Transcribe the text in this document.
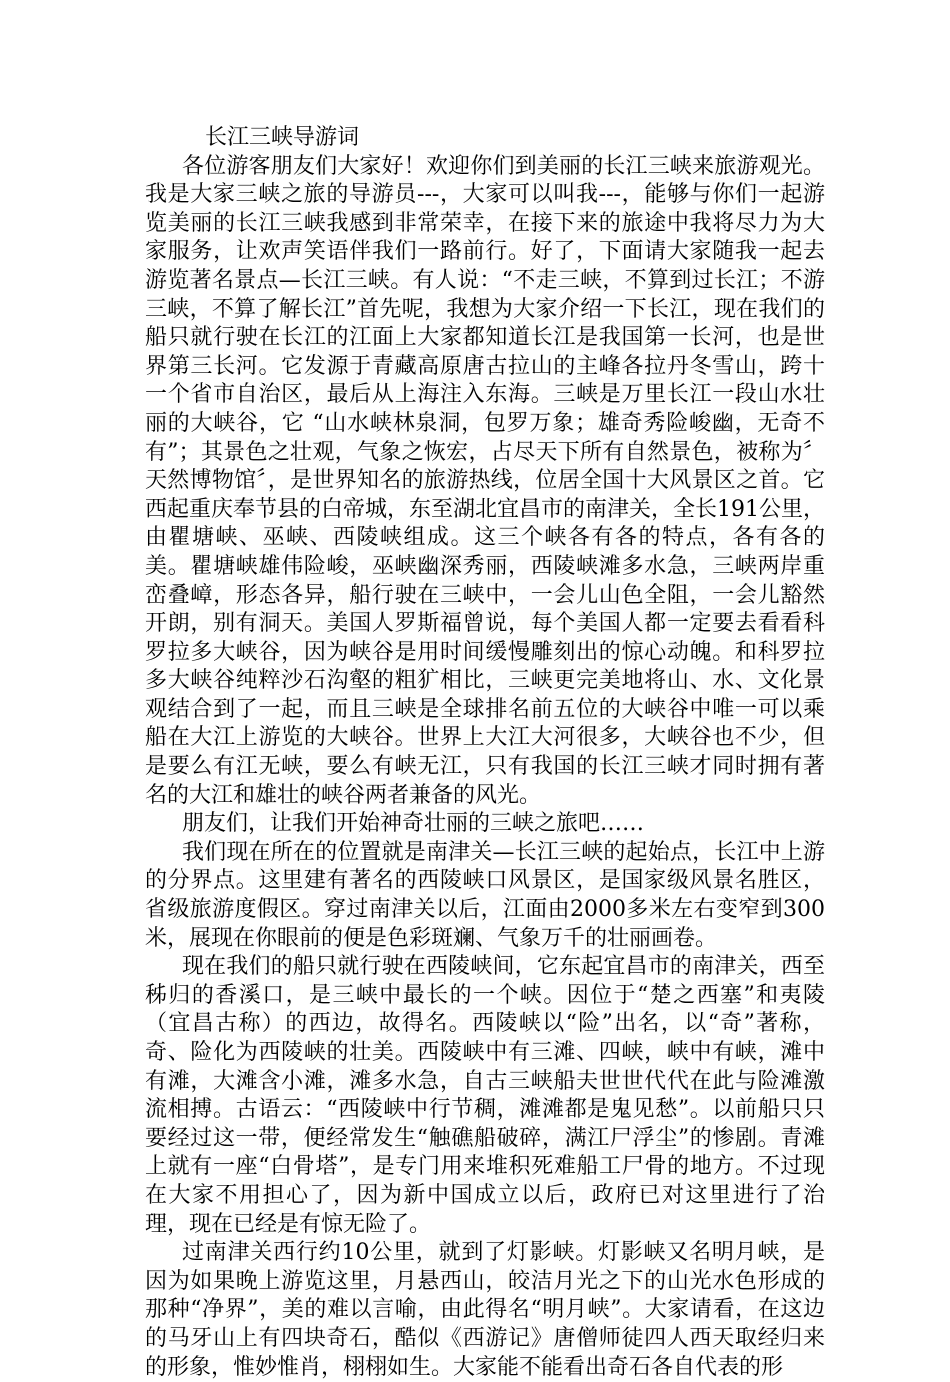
长江三峡导游词

各位游客朋友们大家好！欢迎你们到美丽的长江三峡来旅游观光。我是大家三峡之旅的导游员---，大家可以叫我---，能够与你们一起游览美丽的长江三峡我感到非常荣幸，在接下来的旅途中我将尽力为大家服务，让欢声笑语伴我们一路前行。好了，下面请大家随我一起去游览著名景点—长江三峡。有人说：“不走三峡，不算到过长江；不游三峡，不算了解长江”首先呢，我想为大家介绍一下长江，现在我们的船只就行驶在长江的江面上大家都知道长江是我国第一长河，也是世界第三长河。它发源于青藏高原唐古拉山的主峰各拉丹冬雪山，跨十一个省市自治区，最后从上海注入东海。三峡是万里长江一段山水壮丽的大峡谷，它 “山水峡林泉洞，包罗万象；雄奇秀险峻幽，无奇不有”；其景色之壮观，气象之恢宏，占尽天下所有自然景色，被称为〞天然博物馆〞，是世界知名的旅游热线，位居全国十大风景区之首。它西起重庆奉节县的白帝城，东至湖北宜昌市的南津关，全长191公里，由瞿塘峡、巫峡、西陵峡组成。这三个峡各有各的特点，各有各的美。瞿塘峡雄伟险峻，巫峡幽深秀丽，西陵峡滩多水急，三峡两岸重峦叠嶂，形态各异，船行驶在三峡中，一会儿山色全阻，一会儿豁然开朗，别有洞天。美国人罗斯福曾说，每个美国人都一定要去看看科罗拉多大峡谷，因为峡谷是用时间缓慢雕刻出的惊心动魄。和科罗拉多大峡谷纯粹沙石沟壑的粗犷相比，三峡更完美地将山、水、文化景观结合到了一起，而且三峡是全球排名前五位的大峡谷中唯一可以乘船在大江上游览的大峡谷。世界上大江大河很多，大峡谷也不少，但是要么有江无峡，要么有峡无江，只有我国的长江三峡才同时拥有著名的大江和雄壮的峡谷两者兼备的风光。

朋友们，让我们开始神奇壮丽的三峡之旅吧……

我们现在所在的位置就是南津关—长江三峡的起始点，长江中上游的分界点。这里建有著名的西陵峡口风景区，是国家级风景名胜区，省级旅游度假区。穿过南津关以后，江面由2000多米左右变窄到300米，展现在你眼前的便是色彩斑斓、气象万千的壮丽画卷。

现在我们的船只就行驶在西陵峡间，它东起宜昌市的南津关，西至秭归的香溪口，是三峡中最长的一个峡。因位于“楚之西塞”和夷陵（宜昌古称）的西边，故得名。西陵峡以“险”出名，以“奇”著称，奇、险化为西陵峡的壮美。西陵峡中有三滩、四峡，峡中有峡，滩中有滩，大滩含小滩，滩多水急，自古三峡船夫世世代代在此与险滩激流相搏。古语云：“西陵峡中行节稠，滩滩都是鬼见愁”。以前船只只要经过这一带，便经常发生“触礁船破碎，满江尸浮尘”的惨剧。青滩上就有一座“白骨塔”，是专门用来堆积死难船工尸骨的地方。不过现在大家不用担心了，因为新中国成立以后，政府已对这里进行了治理，现在已经是有惊无险了。

过南津关西行约10公里，就到了灯影峡。灯影峡又名明月峡，是因为如果晚上游览这里，月悬西山，皎洁月光之下的山光水色形成的那种“净界”，美的难以言喻，由此得名“明月峡”。大家请看，在这边的马牙山上有四块奇石，酷似《西游记》唐僧师徒四人西天取经归来的形象，惟妙惟肖，栩栩如生。大家能不能看出奇石各自代表的形
